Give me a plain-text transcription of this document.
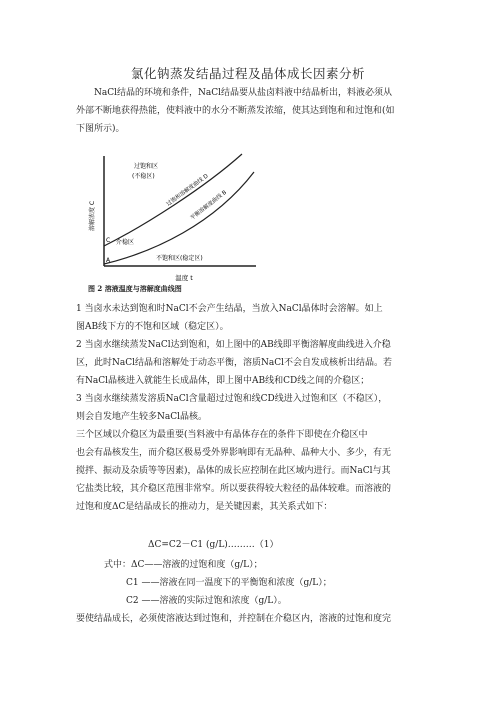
氯化钠蒸发结晶过程及晶体成长因素分析
NaCl结晶的环境和条件，NaCl结晶要从盐卤料液中结晶析出，料液必须从
外部不断地获得热能，使料液中的水分不断蒸发浓缩，使其达到饱和和过饱和(如
下图所示)。
溶解浓度 C
温度 t
过饱和区
(不稳区)
介稳区
不饱和区(稳定区)
过饱和溶解度曲线 D
平衡溶解度曲线 B
C
A
图 2 溶液温度与溶解度曲线图
1 当卤水未达到饱和时NaCl不会产生结晶，当放入NaCl晶体时会溶解。如上
图AB线下方的不饱和区域（稳定区）。
2 当卤水继续蒸发NaCl达到饱和，如上图中的AB线即平衡溶解度曲线进入介稳
区，此时NaCl结晶和溶解处于动态平衡，溶质NaCl不会自发成核析出结晶。若
有NaCl晶核进入就能生长成晶体，即上图中AB线和CD线之间的介稳区；
3 当卤水继续蒸发溶质NaCl含量超过过饱和线CD线进入过饱和区（不稳区），
则会自发地产生较多NaCl晶核。
三个区域以介稳区为最重要(当料液中有晶体存在的条件下即使在介稳区中
也会有晶核发生，而介稳区极易受外界影响即有无晶种、晶种大小、多少，有无
搅拌、振动及杂质等等因素)，晶体的成长应控制在此区域内进行。而NaCl与其
它盐类比较，其介稳区范围非常窄。所以要获得较大粒径的晶体较难。而溶液的
过饱和度ΔC是结晶成长的推动力，是关键因素，其关系式如下：
ΔC=C2－C1 (g/L)………（1）
式中：ΔC——溶液的过饱和度（g/L）；
C1 ——溶液在同一温度下的平衡饱和浓度（g/L）；
C2 ——溶液的实际过饱和浓度（g/L）。
要使结晶成长，必须使溶液达到过饱和，并控制在介稳区内，溶液的过饱和度完
